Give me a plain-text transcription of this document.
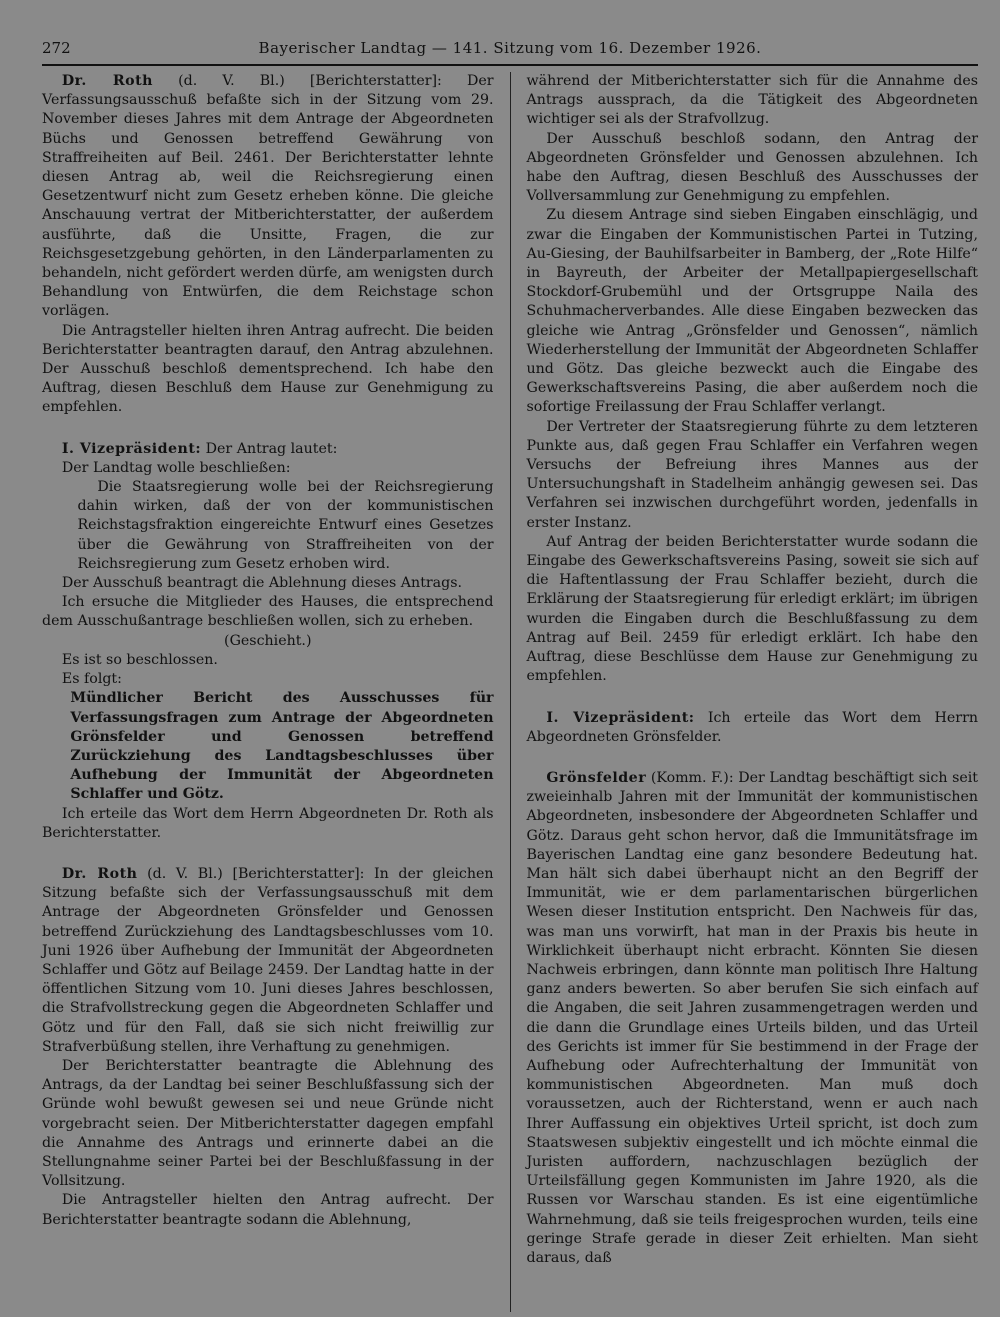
272	Bayerischer Landtag — 141. Sitzung vom 16. Dezember 1926.

Dr. Roth (d. V. Bl.) [Berichterstatter]: Der Verfassungsausschuß befaßte sich in der Sitzung vom 29. November dieses Jahres mit dem Antrage der Abgeordneten Büchs und Genossen betreffend Gewährung von Straffreiheiten auf Beil. 2461. Der Berichterstatter lehnte diesen Antrag ab, weil die Reichsregierung einen Gesetzentwurf nicht zum Gesetz erheben könne. Die gleiche Anschauung vertrat der Mitberichterstatter, der außerdem ausführte, daß die Unsitte, Fragen, die zur Reichsgesetzgebung gehörten, in den Länderparlamenten zu behandeln, nicht gefördert werden dürfe, am wenigsten durch Behandlung von Entwürfen, die dem Reichstage schon vorlägen.

Die Antragsteller hielten ihren Antrag aufrecht. Die beiden Berichterstatter beantragten darauf, den Antrag abzulehnen. Der Ausschuß beschloß dementsprechend. Ich habe den Auftrag, diesen Beschluß dem Hause zur Genehmigung zu empfehlen.

I. Vizepräsident: Der Antrag lautet:

Der Landtag wolle beschließen:

Die Staatsregierung wolle bei der Reichsregierung dahin wirken, daß der von der kommunistischen Reichstagsfraktion eingereichte Entwurf eines Gesetzes über die Gewährung von Straffreiheiten von der Reichsregierung zum Gesetz erhoben wird.

Der Ausschuß beantragt die Ablehnung dieses Antrags.

Ich ersuche die Mitglieder des Hauses, die entsprechend dem Ausschußantrage beschließen wollen, sich zu erheben.

(Geschieht.)

Es ist so beschlossen.

Es folgt:

Mündlicher Bericht des Ausschusses für Verfassungsfragen zum Antrage der Abgeordneten Grönsfelder und Genossen betreffend Zurückziehung des Landtagsbeschlusses über Aufhebung der Immunität der Abgeordneten Schlaffer und Götz.

Ich erteile das Wort dem Herrn Abgeordneten Dr. Roth als Berichterstatter.

Dr. Roth (d. V. Bl.) [Berichterstatter]: In der gleichen Sitzung befaßte sich der Verfassungsausschuß mit dem Antrage der Abgeordneten Grönsfelder und Genossen betreffend Zurückziehung des Landtagsbeschlusses vom 10. Juni 1926 über Aufhebung der Immunität der Abgeordneten Schlaffer und Götz auf Beilage 2459. Der Landtag hatte in der öffentlichen Sitzung vom 10. Juni dieses Jahres beschlossen, die Strafvollstreckung gegen die Abgeordneten Schlaffer und Götz und für den Fall, daß sie sich nicht freiwillig zur Strafverbüßung stellen, ihre Verhaftung zu genehmigen.

Der Berichterstatter beantragte die Ablehnung des Antrags, da der Landtag bei seiner Beschlußfassung sich der Gründe wohl bewußt gewesen sei und neue Gründe nicht vorgebracht seien. Der Mitberichterstatter dagegen empfahl die Annahme des Antrags und erinnerte dabei an die Stellungnahme seiner Partei bei der Beschlußfassung in der Vollsitzung.

Die Antragsteller hielten den Antrag aufrecht. Der Berichterstatter beantragte sodann die Ablehnung,

während der Mitberichterstatter sich für die Annahme des Antrags aussprach, da die Tätigkeit des Abgeordneten wichtiger sei als der Strafvollzug.

Der Ausschuß beschloß sodann, den Antrag der Abgeordneten Grönsfelder und Genossen abzulehnen. Ich habe den Auftrag, diesen Beschluß des Ausschusses der Vollversammlung zur Genehmigung zu empfehlen.

Zu diesem Antrage sind sieben Eingaben einschlägig, und zwar die Eingaben der Kommunistischen Partei in Tutzing, Au-Giesing, der Bauhilfsarbeiter in Bamberg, der „Rote Hilfe“ in Bayreuth, der Arbeiter der Metallpapiergesellschaft Stockdorf-Grubemühl und der Ortsgruppe Naila des Schuhmacherverbandes. Alle diese Eingaben bezwecken das gleiche wie Antrag „Grönsfelder und Genossen“, nämlich Wiederherstellung der Immunität der Abgeordneten Schlaffer und Götz. Das gleiche bezweckt auch die Eingabe des Gewerkschaftsvereins Pasing, die aber außerdem noch die sofortige Freilassung der Frau Schlaffer verlangt.

Der Vertreter der Staatsregierung führte zu dem letzteren Punkte aus, daß gegen Frau Schlaffer ein Verfahren wegen Versuchs der Befreiung ihres Mannes aus der Untersuchungshaft in Stadelheim anhängig gewesen sei. Das Verfahren sei inzwischen durchgeführt worden, jedenfalls in erster Instanz.

Auf Antrag der beiden Berichterstatter wurde sodann die Eingabe des Gewerkschaftsvereins Pasing, soweit sie sich auf die Haftentlassung der Frau Schlaffer bezieht, durch die Erklärung der Staatsregierung für erledigt erklärt; im übrigen wurden die Eingaben durch die Beschlußfassung zu dem Antrag auf Beil. 2459 für erledigt erklärt. Ich habe den Auftrag, diese Beschlüsse dem Hause zur Genehmigung zu empfehlen.

I. Vizepräsident: Ich erteile das Wort dem Herrn Abgeordneten Grönsfelder.

Grönsfelder (Komm. F.): Der Landtag beschäftigt sich seit zweieinhalb Jahren mit der Immunität der kommunistischen Abgeordneten, insbesondere der Abgeordneten Schlaffer und Götz. Daraus geht schon hervor, daß die Immunitätsfrage im Bayerischen Landtag eine ganz besondere Bedeutung hat. Man hält sich dabei überhaupt nicht an den Begriff der Immunität, wie er dem parlamentarischen bürgerlichen Wesen dieser Institution entspricht. Den Nachweis für das, was man uns vorwirft, hat man in der Praxis bis heute in Wirklichkeit überhaupt nicht erbracht. Könnten Sie diesen Nachweis erbringen, dann könnte man politisch Ihre Haltung ganz anders bewerten. So aber berufen Sie sich einfach auf die Angaben, die seit Jahren zusammengetragen werden und die dann die Grundlage eines Urteils bilden, und das Urteil des Gerichts ist immer für Sie bestimmend in der Frage der Aufhebung oder Aufrechterhaltung der Immunität von kommunistischen Abgeordneten. Man muß doch voraussetzen, auch der Richterstand, wenn er auch nach Ihrer Auffassung ein objektives Urteil spricht, ist doch zum Staatswesen subjektiv eingestellt und ich möchte einmal die Juristen auffordern, nachzuschlagen bezüglich der Urteilsfällung gegen Kommunisten im Jahre 1920, als die Russen vor Warschau standen. Es ist eine eigentümliche Wahrnehmung, daß sie teils freigesprochen wurden, teils eine geringe Strafe gerade in dieser Zeit erhielten. Man sieht daraus, daß
